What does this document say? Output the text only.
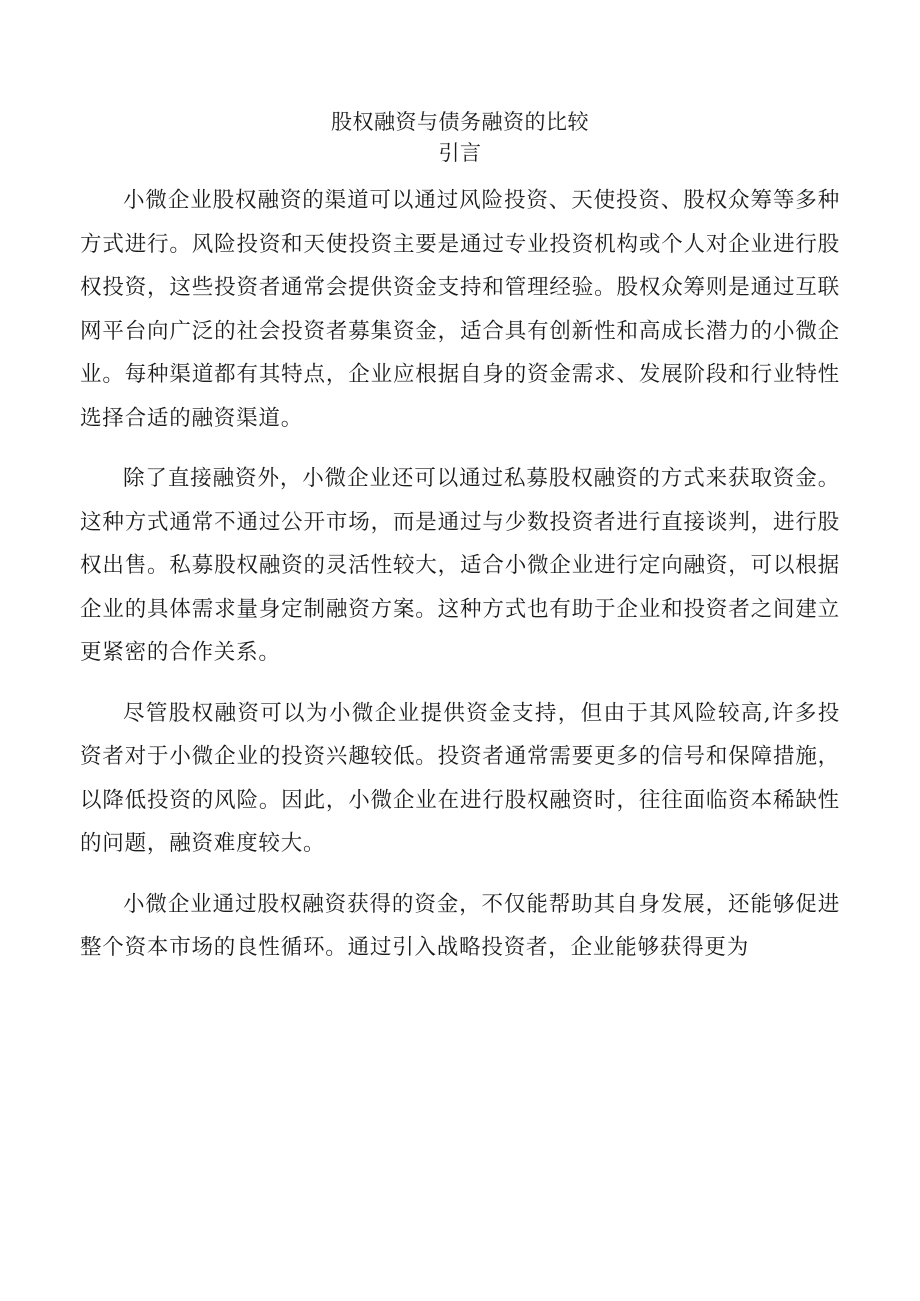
股权融资与债务融资的比较
引言

小微企业股权融资的渠道可以通过风险投资、天使投资、股权众筹等多种方式进行。风险投资和天使投资主要是通过专业投资机构或个人对企业进行股权投资，这些投资者通常会提供资金支持和管理经验。股权众筹则是通过互联网平台向广泛的社会投资者募集资金，适合具有创新性和高成长潜力的小微企业。每种渠道都有其特点，企业应根据自身的资金需求、发展阶段和行业特性选择合适的融资渠道。

除了直接融资外，小微企业还可以通过私募股权融资的方式来获取资金。这种方式通常不通过公开市场，而是通过与少数投资者进行直接谈判，进行股权出售。私募股权融资的灵活性较大，适合小微企业进行定向融资，可以根据企业的具体需求量身定制融资方案。这种方式也有助于企业和投资者之间建立更紧密的合作关系。

尽管股权融资可以为小微企业提供资金支持，但由于其风险较高,许多投资者对于小微企业的投资兴趣较低。投资者通常需要更多的信号和保障措施，以降低投资的风险。因此，小微企业在进行股权融资时，往往面临资本稀缺性的问题，融资难度较大。

小微企业通过股权融资获得的资金，不仅能帮助其自身发展，还能够促进整个资本市场的良性循环。通过引入战略投资者，企业能够获得更为
